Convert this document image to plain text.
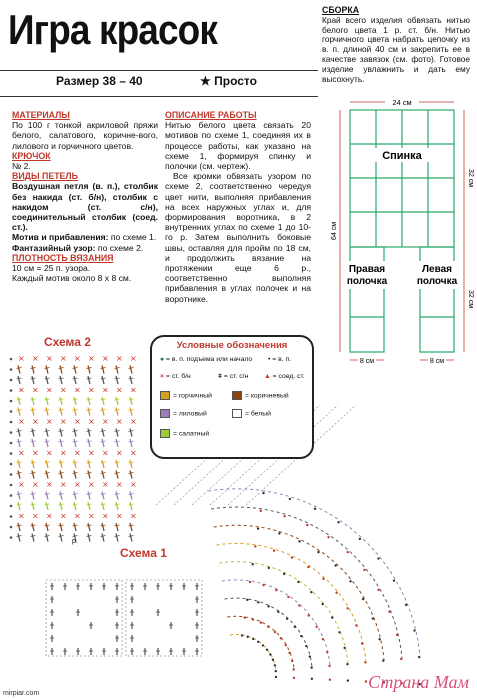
Игра красок
Размер 38 – 40	★ Просто
МАТЕРИАЛЫ
По 100 г тонкой акриловой пряжи белого, салатового, коричне-вого, лилового и горчичного цветов.
КРЮЧОК
№ 2.
ВИДЫ ПЕТЕЛЬ
Воздушная петля (в. п.), столбик без накида (ст. б/н), столбик с накидом (ст. с/н), соединительный столбик (соед. ст.).
Мотив и прибавления: по схеме 1.
Фантазийный узор: по схеме 2.
ПЛОТНОСТЬ ВЯЗАНИЯ
10 см = 25 п. узора.
Каждый мотив около 8 х 8 см.
ОПИСАНИЕ РАБОТЫ
Нитью белого цвета связать 20 мотивов по схеме 1, соединяя их в процессе работы, как указано на схеме 1, формируя спинку и полочки (см. чертеж).
Все кромки обвязать узором по схеме 2, соответственно чередуя цвет нити, выполняя прибавления на всех наружных углах и, для формирования воротника, в 2 внутренних углах по схеме 1 до 10-го р. Затем выполнить боковые швы, оставляя для пройм по 18 см, и продолжить вязание на протяжении еще 6 р., соответственно выполняя прибавления в углах полочек и на воротнике.
СБОРКА
Край всего изделия обвязать нитью белого цвета 1 р. ст. б/н. Нитью горчичного цвета набрать цепочку из в. п. длиной 40 см и закрепить ее в качестве завязок (см. фото). Готовое изделие увлажнить и дать ему высохнуть.
24 см
64 см
32 см
32 см
Спинка
Правая полочка
Левая полочка
8 см	8 см
Схема 2
× × × × × × × × ×
× × × × × × × × ×
× × × × × × × × ×
× × × × × × × × ×
× × × × × × × × ×
× × × × × × × × ×
р.
Схема 1
Условные обозначения
● = в. п. подъема или начало • = в. п.
× = ст. б/н	ǂ = ст. с/н ▲ = соед. ст.
= горчичный	= коричневый
= лиловый	= белый
= салатный
Страна Мам
mirpiar.com
